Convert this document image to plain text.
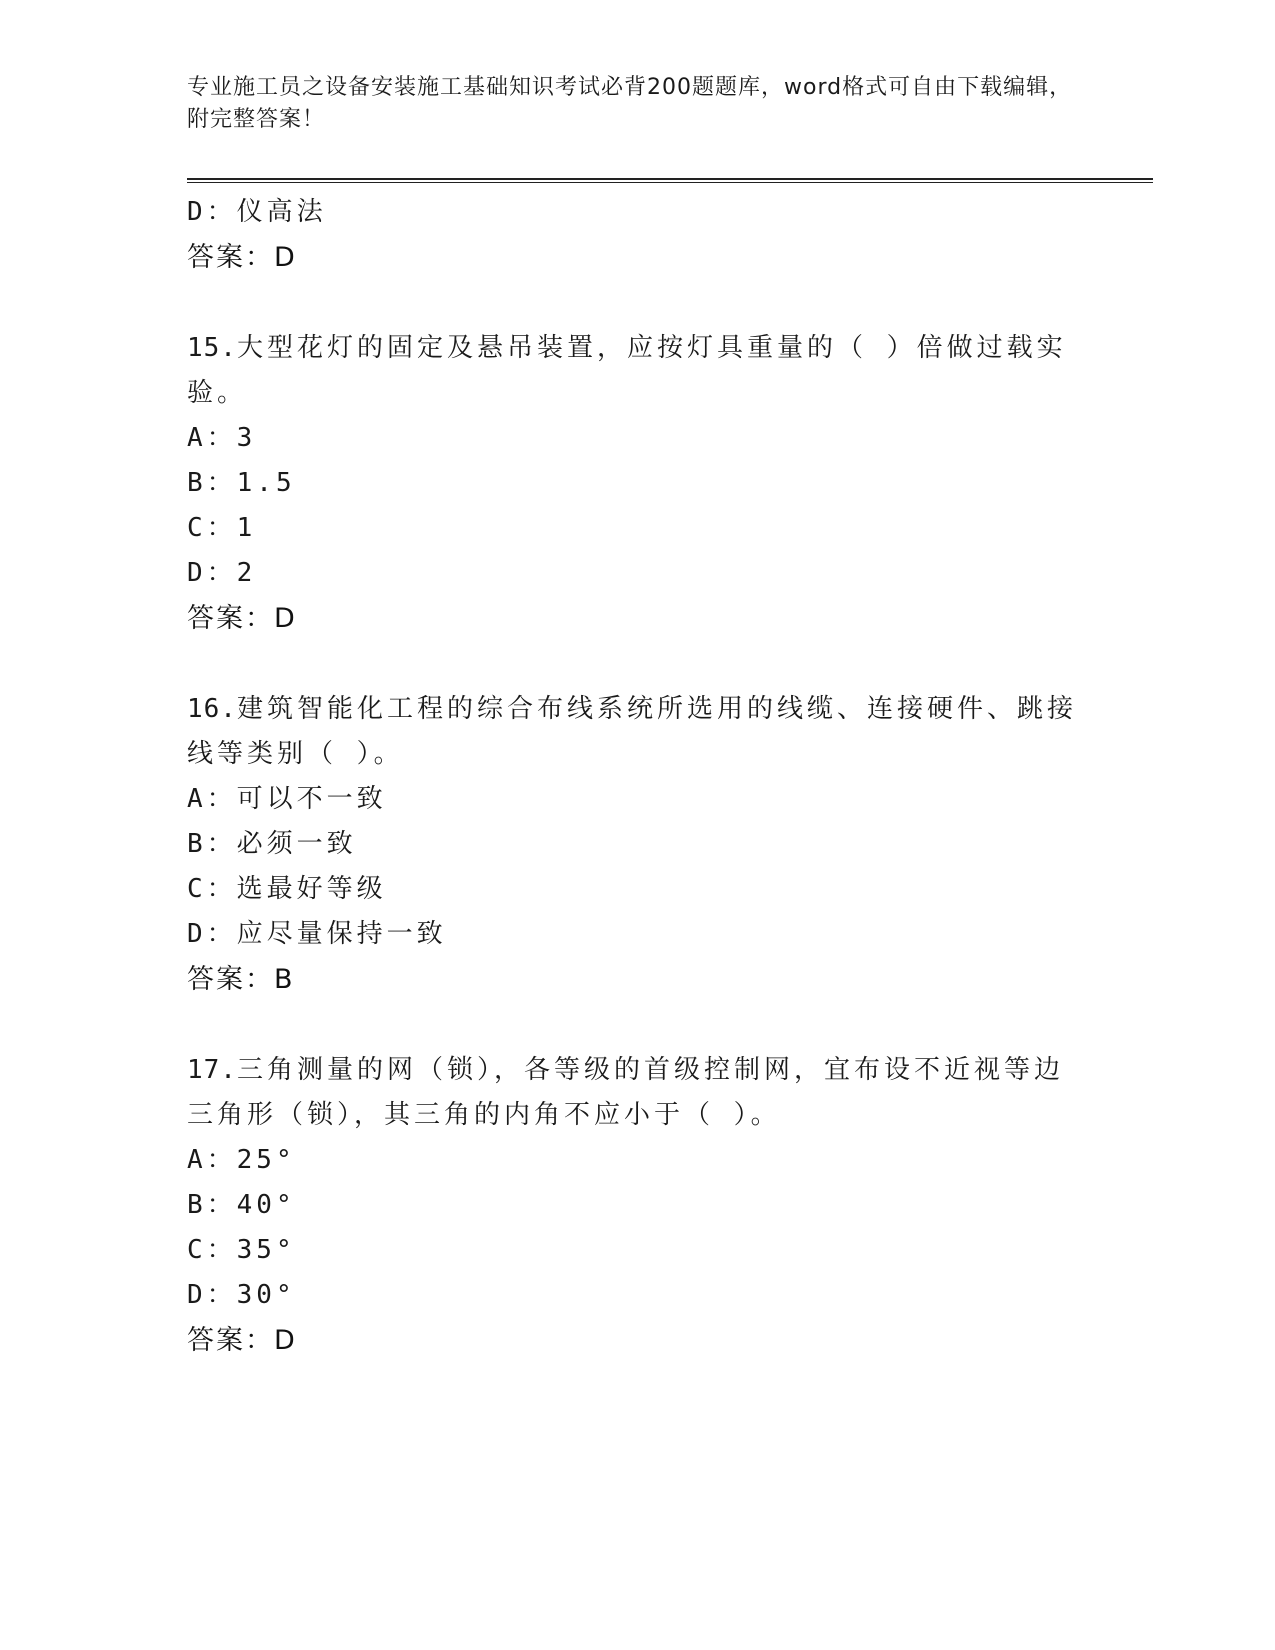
专业施工员之设备安装施工基础知识考试必背200题题库，word格式可自由下载编辑，附完整答案！
D：仪高法
答案：D
15.大型花灯的固定及悬吊装置，应按灯具重量的（ ）倍做过载实验。
A：3
B：1.5
C：1
D：2
答案：D
16.建筑智能化工程的综合布线系统所选用的线缆、连接硬件、跳接线等类别（ ）。
A：可以不一致
B：必须一致
C：选最好等级
D：应尽量保持一致
答案：B
17.三角测量的网（锁），各等级的首级控制网，宜布设不近视等边三角形（锁），其三角的内角不应小于（ ）。
A：25°
B：40°
C：35°
D：30°
答案：D
